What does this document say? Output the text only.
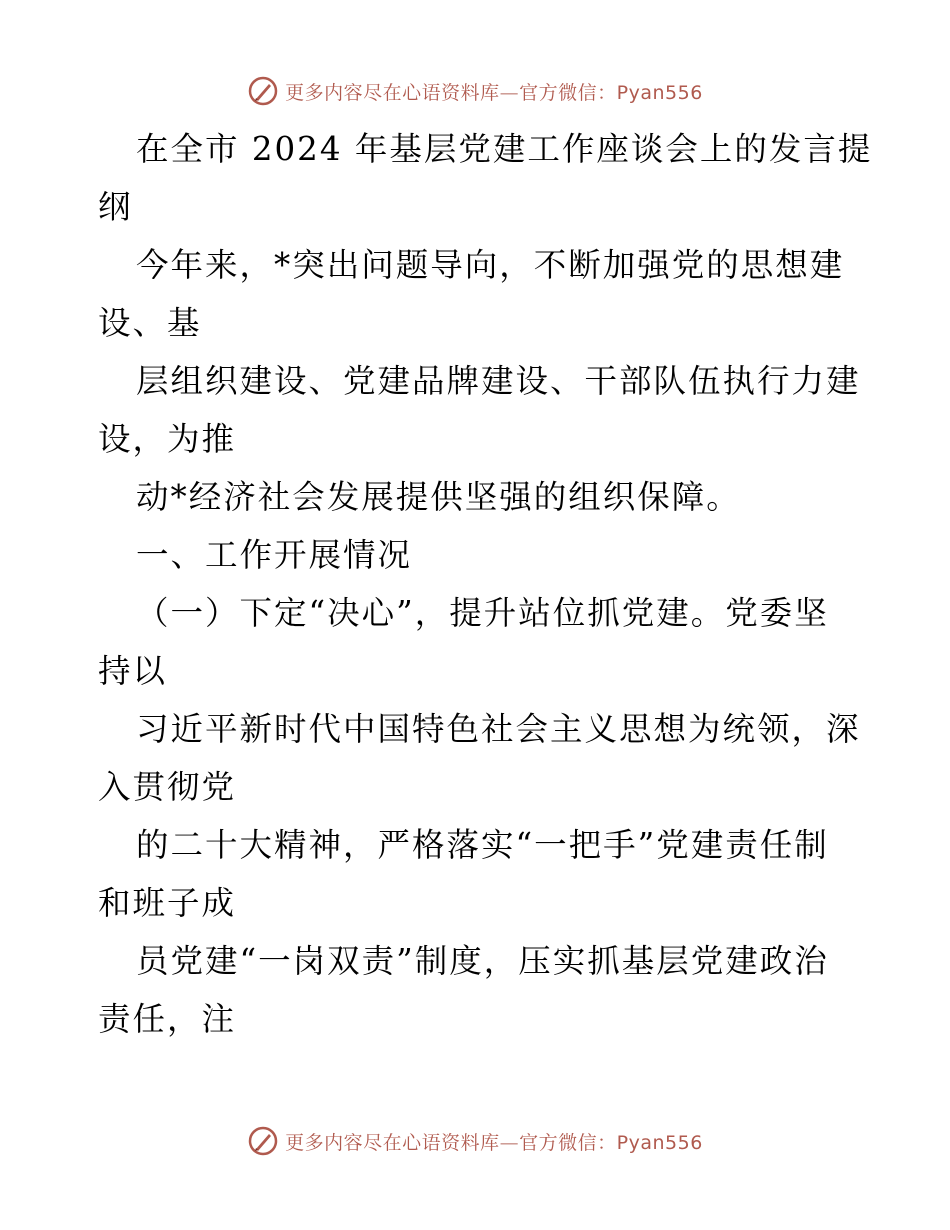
更多内容尽在心语资料库—官方微信：Pyan556
在全市 2024 年基层党建工作座谈会上的发言提
纲
今年来，*突出问题导向，不断加强党的思想建
设、基
层组织建设、党建品牌建设、干部队伍执行力建
设，为推
动*经济社会发展提供坚强的组织保障。
一、工作开展情况
（一）下定“决心”，提升站位抓党建。党委坚
持以
习近平新时代中国特色社会主义思想为统领，深
入贯彻党
的二十大精神，严格落实“一把手”党建责任制
和班子成
员党建“一岗双责”制度，压实抓基层党建政治
责任，注
更多内容尽在心语资料库—官方微信：Pyan556
